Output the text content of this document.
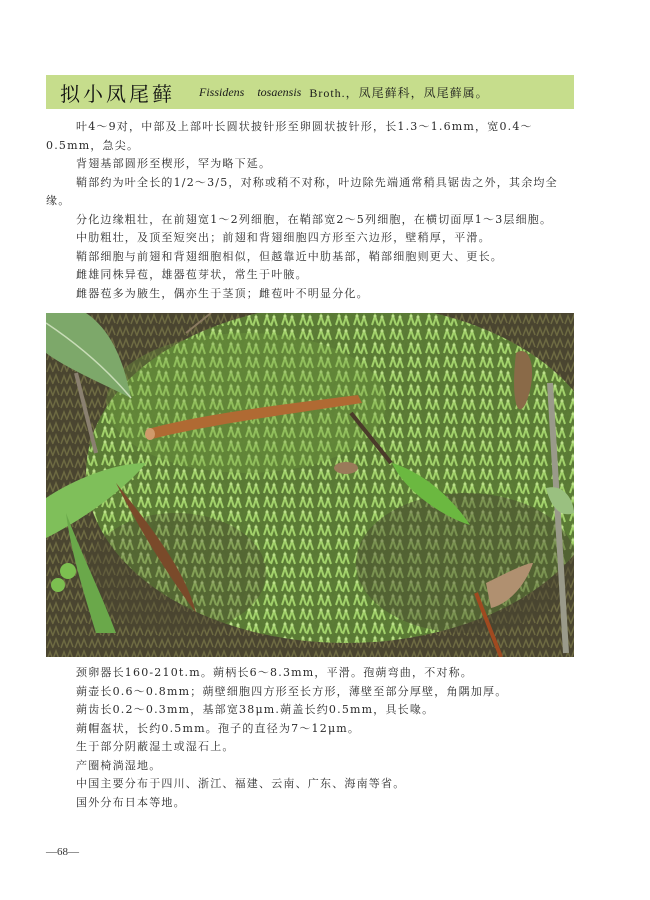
拟小凤尾藓 Fissidens tosaensis Broth.，凤尾藓科，凤尾藓属。

叶4～9对，中部及上部叶长圆状披针形至卵圆状披针形，长1.3～1.6mm，宽0.4～0.5mm，急尖。

背翅基部圆形至楔形，罕为略下延。

鞘部约为叶全长的1/2～3/5，对称或稍不对称，叶边除先端通常稍具锯齿之外，其余均全缘。

分化边缘粗壮，在前翅宽1～2列细胞，在鞘部宽2～5列细胞，在横切面厚1～3层细胞。

中肋粗壮，及顶至短突出；前翅和背翅细胞四方形至六边形，壁稍厚，平滑。

鞘部细胞与前翅和背翅细胞相似，但越靠近中肋基部，鞘部细胞则更大、更长。

雌雄同株异苞，雄器苞芽状，常生于叶腋。

雌器苞多为腋生，偶亦生于茎顶；雌苞叶不明显分化。

颈卵器长160-210t.m。蒴柄长6～8.3mm，平滑。孢蒴弯曲，不对称。

蒴壶长0.6～0.8mm；蒴壁细胞四方形至长方形，薄壁至部分厚壁，角隅加厚。

蒴齿长0.2～0.3mm，基部宽38μm.蒴盖长约0.5mm，具长喙。

蒴帽盔状，长约0.5mm。孢子的直径为7～12μm。

生于部分阴蔽湿土或湿石上。

产圈椅淌湿地。

中国主要分布于四川、浙江、福建、云南、广东、海南等省。

国外分布日本等地。

—68—
